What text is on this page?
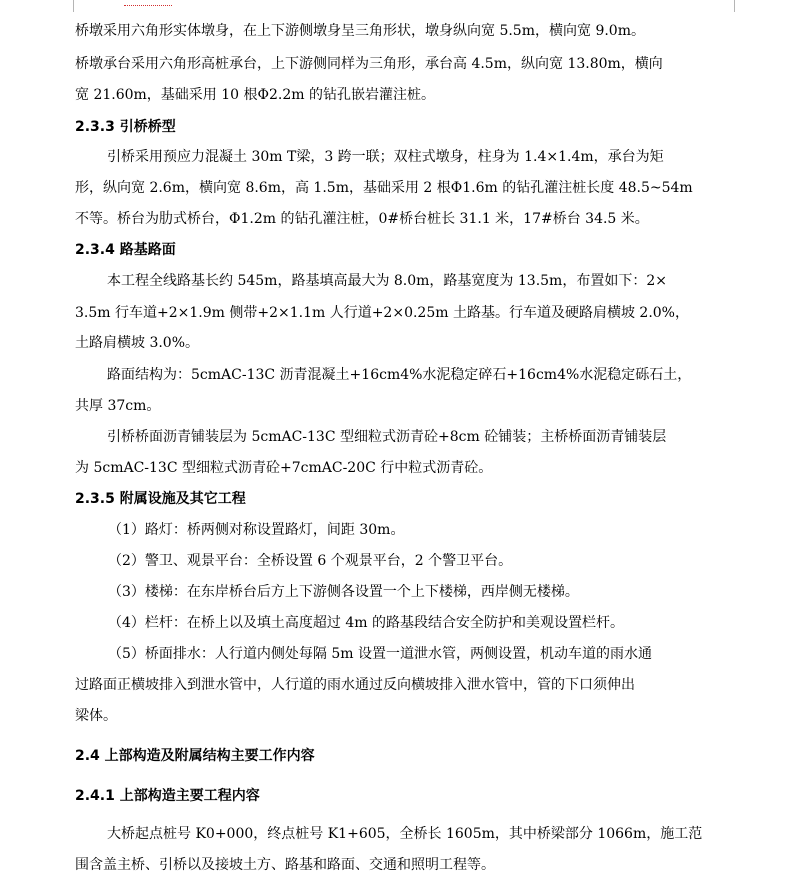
桥墩采用六角形实体墩身，在上下游侧墩身呈三角形状，墩身纵向宽 5.5m，横向宽 9.0m。
桥墩承台采用六角形高桩承台，上下游侧同样为三角形，承台高 4.5m，纵向宽 13.80m，横向
宽 21.60m，基础采用 10 根Φ2.2m 的钻孔嵌岩灌注桩。
2.3.3 引桥桥型
引桥采用预应力混凝土 30m T梁，3 跨一联；双柱式墩身，柱身为 1.4×1.4m，承台为矩
形，纵向宽 2.6m，横向宽 8.6m，高 1.5m，基础采用 2 根Φ1.6m 的钻孔灌注桩长度 48.5~54m
不等。桥台为肋式桥台，Φ1.2m 的钻孔灌注桩，0#桥台桩长 31.1 米，17#桥台 34.5 米。
2.3.4 路基路面
本工程全线路基长约 545m，路基填高最大为 8.0m，路基宽度为 13.5m，布置如下：2×
3.5m 行车道+2×1.9m 侧带+2×1.1m 人行道+2×0.25m 土路基。行车道及硬路肩横坡 2.0%，
土路肩横坡 3.0%。
路面结构为：5cmAC-13C 沥青混凝土+16cm4%水泥稳定碎石+16cm4%水泥稳定砾石土，
共厚 37cm。
引桥桥面沥青铺装层为 5cmAC-13C 型细粒式沥青砼+8cm 砼铺装；主桥桥面沥青铺装层
为 5cmAC-13C 型细粒式沥青砼+7cmAC-20C 行中粒式沥青砼。
2.3.5 附属设施及其它工程
（1）路灯：桥两侧对称设置路灯，间距 30m。
（2）警卫、观景平台：全桥设置 6 个观景平台，2 个警卫平台。
（3）楼梯：在东岸桥台后方上下游侧各设置一个上下楼梯，西岸侧无楼梯。
（4）栏杆：在桥上以及填土高度超过 4m 的路基段结合安全防护和美观设置栏杆。
（5）桥面排水：人行道内侧处每隔 5m 设置一道泄水管，两侧设置，机动车道的雨水通
过路面正横坡排入到泄水管中，人行道的雨水通过反向横坡排入泄水管中，管的下口须伸出
梁体。
2.4 上部构造及附属结构主要工作内容
2.4.1 上部构造主要工程内容
大桥起点桩号 K0+000，终点桩号 K1+605，全桥长 1605m，其中桥梁部分 1066m，施工范
围含盖主桥、引桥以及接坡土方、路基和路面、交通和照明工程等。
